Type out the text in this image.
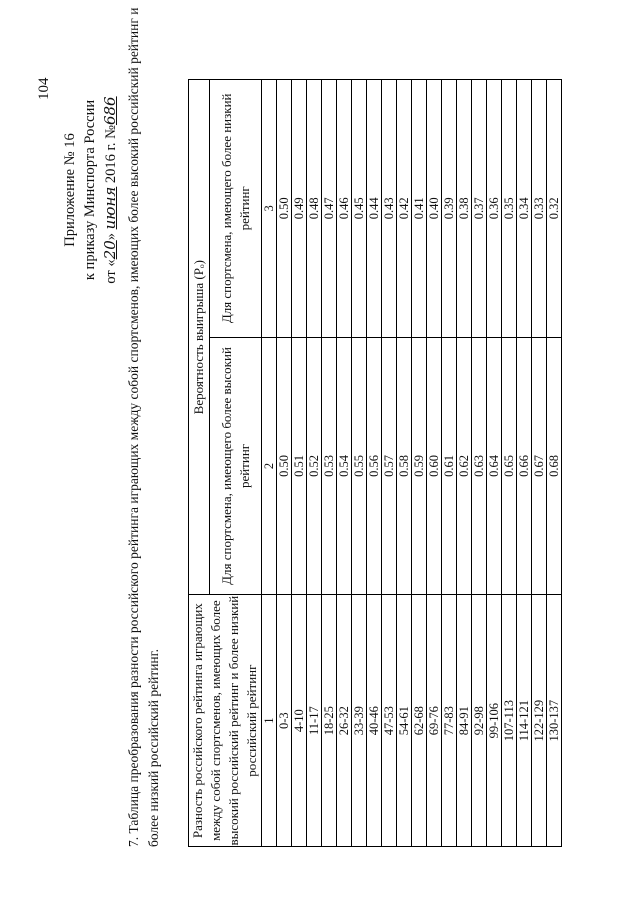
104
Приложение № 16 к приказу Минспорта России от «20» июня 2016 г. №686 7. Таблица преобразования разности российского рейтинга играющих между собой спортсменов, имеющих более высокий российский рейтинг и более низкий российский рейтинг. Разность российского рейтинга играющих между собой спортсменов, имеющих более высокий российский рейтинг и более низкий российский рейтинг	Вероятность выигрыша (Pₒ)	
	Для спортсмена, имеющего более высокий рейтинг	Для спортсмена, имеющего более низкий рейтинг
1	2	3
0-3	0.50	0.50
4-10	0.51	0.49
11-17	0.52	0.48
18-25	0.53	0.47
26-32	0.54	0.46
33-39	0.55	0.45
40-46	0.56	0.44
47-53	0.57	0.43
54-61	0.58	0.42
62-68	0.59	0.41
69-76	0.60	0.40
77-83	0.61	0.39
84-91	0.62	0.38
92-98	0.63	0.37
99-106	0.64	0.36
107-113	0.65	0.35
114-121	0.66	0.34
122-129	0.67	0.33
130-137	0.68	0.32
